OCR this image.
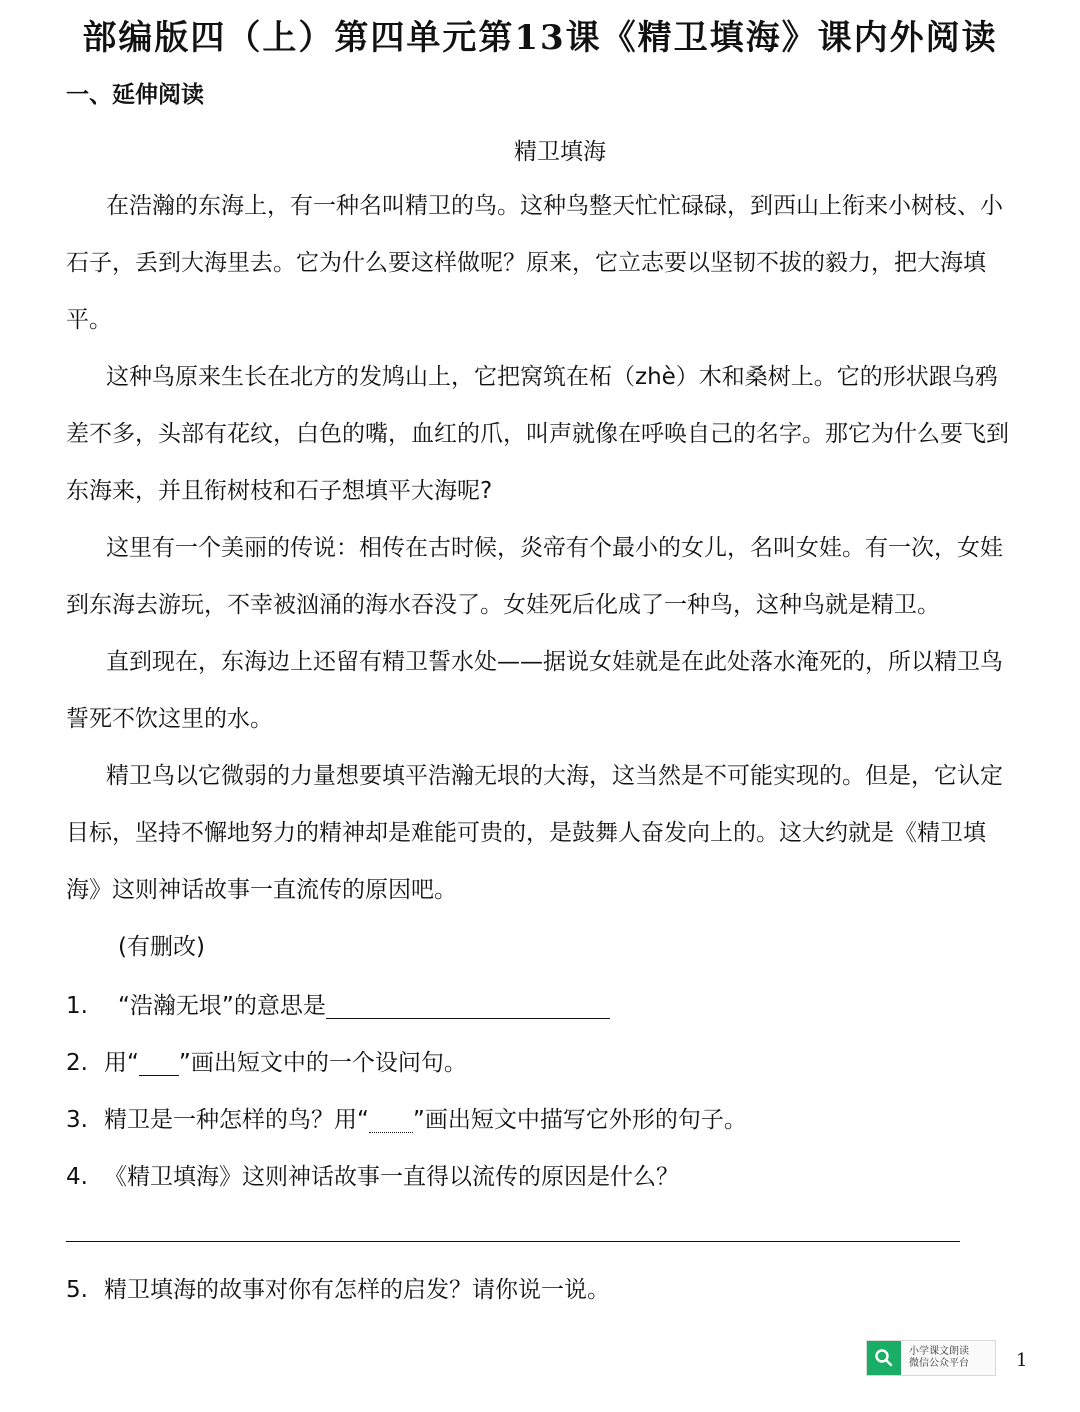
部编版四（上）第四单元第13课《精卫填海》课内外阅读
一、延伸阅读
精卫填海

在浩瀚的东海上，有一种名叫精卫的鸟。这种鸟整天忙忙碌碌，到西山上衔来小树枝、小石子，丢到大海里去。它为什么要这样做呢？原来，它立志要以坚韧不拔的毅力，把大海填平。

这种鸟原来生长在北方的发鸠山上，它把窝筑在柘（zhè）木和桑树上。它的形状跟乌鸦差不多，头部有花纹，白色的嘴，血红的爪，叫声就像在呼唤自己的名字。那它为什么要飞到东海来，并且衔树枝和石子想填平大海呢?

这里有一个美丽的传说：相传在古时候，炎帝有个最小的女儿，名叫女娃。有一次，女娃到东海去游玩，不幸被汹涌的海水吞没了。女娃死后化成了一种鸟，这种鸟就是精卫。

直到现在，东海边上还留有精卫誓水处——据说女娃就是在此处落水淹死的，所以精卫鸟誓死不饮这里的水。

精卫鸟以它微弱的力量想要填平浩瀚无垠的大海，这当然是不可能实现的。但是，它认定目标，坚持不懈地努力的精神却是难能可贵的，是鼓舞人奋发向上的。这大约就是《精卫填海》这则神话故事一直流传的原因吧。

(有删改)
1. “浩瀚无垠”的意思是
2. 用“ ”画出短文中的一个设问句。
3. 精卫是一种怎样的鸟？用“ ”画出短文中描写它外形的句子。
4. 《精卫填海》这则神话故事一直得以流传的原因是什么？
5. 精卫填海的故事对你有怎样的启发？请你说一说。
小学课文朗读
微信公众平台	1
